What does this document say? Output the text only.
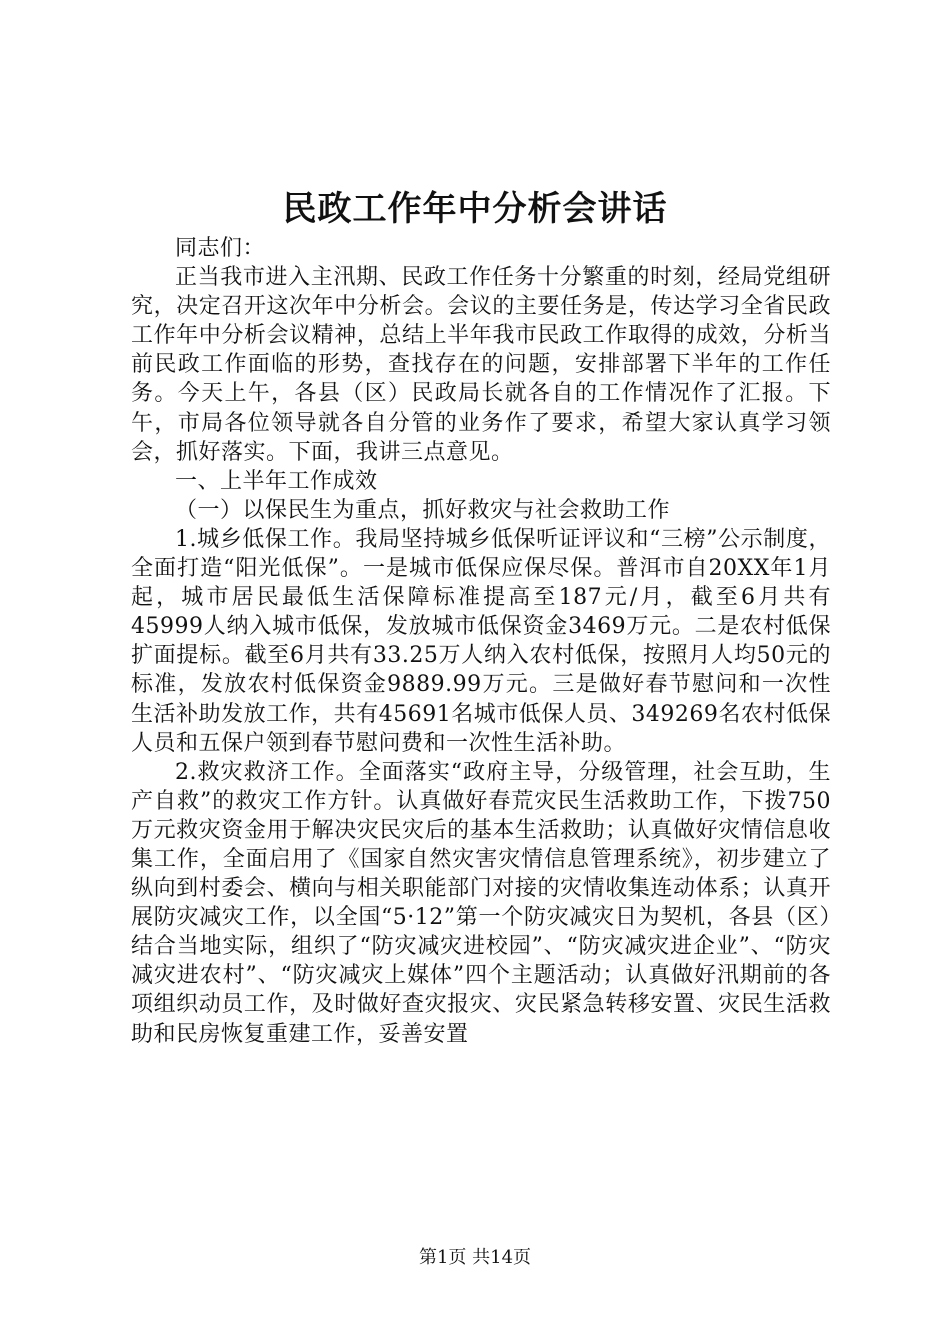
民政工作年中分析会讲话

同志们：

正当我市进入主汛期、民政工作任务十分繁重的时刻，经局党组研究，决定召开这次年中分析会。会议的主要任务是，传达学习全省民政工作年中分析会议精神，总结上半年我市民政工作取得的成效，分析当前民政工作面临的形势，查找存在的问题，安排部署下半年的工作任务。今天上午，各县（区）民政局长就各自的工作情况作了汇报。下午，市局各位领导就各自分管的业务作了要求，希望大家认真学习领会，抓好落实。下面，我讲三点意见。

一、上半年工作成效

（一）以保民生为重点，抓好救灾与社会救助工作

1.城乡低保工作。我局坚持城乡低保听证评议和“三榜”公示制度，全面打造“阳光低保”。一是城市低保应保尽保。普洱市自20XX年1月起，城市居民最低生活保障标准提高至187元/月，截至6月共有45999人纳入城市低保，发放城市低保资金3469万元。二是农村低保扩面提标。截至6月共有33.25万人纳入农村低保，按照月人均50元的标准，发放农村低保资金9889.99万元。三是做好春节慰问和一次性生活补助发放工作，共有45691名城市低保人员、349269名农村低保人员和五保户领到春节慰问费和一次性生活补助。

2.救灾救济工作。全面落实“政府主导，分级管理，社会互助，生产自救”的救灾工作方针。认真做好春荒灾民生活救助工作，下拨750万元救灾资金用于解决灾民灾后的基本生活救助；认真做好灾情信息收集工作，全面启用了《国家自然灾害灾情信息管理系统》，初步建立了纵向到村委会、横向与相关职能部门对接的灾情收集连动体系；认真开展防灾减灾工作，以全国“5·12”第一个防灾减灾日为契机，各县（区）结合当地实际，组织了“防灾减灾进校园”、“防灾减灾进企业”、“防灾减灾进农村”、“防灾减灾上媒体”四个主题活动；认真做好汛期前的各项组织动员工作，及时做好查灾报灾、灾民紧急转移安置、灾民生活救助和民房恢复重建工作，妥善安置

第1页 共14页
